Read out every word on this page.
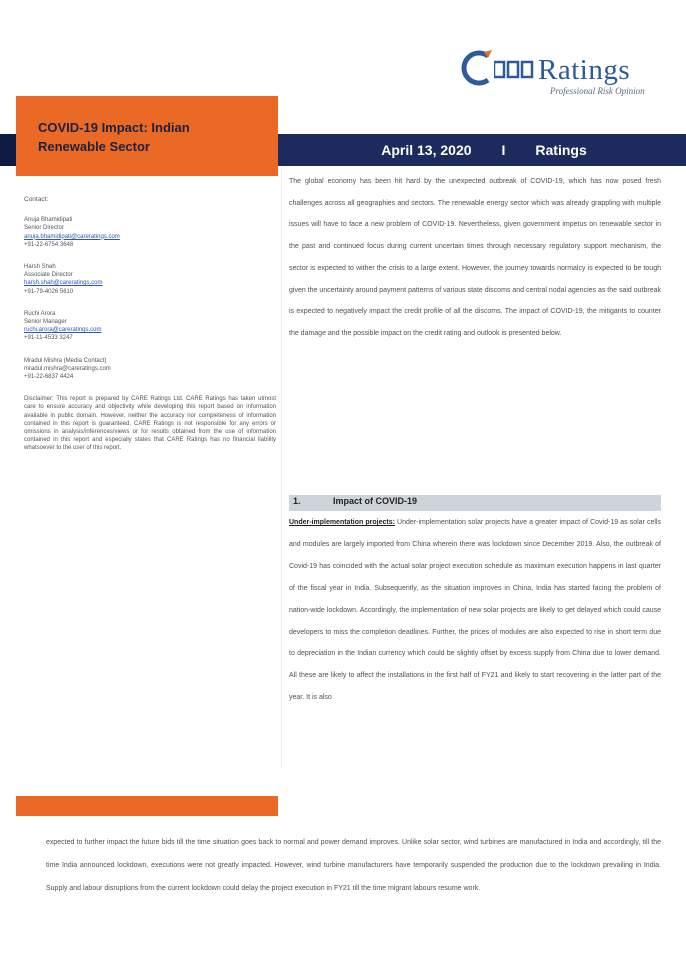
Ratings
Professional Risk Opinion
COVID-19 Impact: Indian Renewable Sector	April 13, 2020 I Ratings
Contact:
Anuja Bhamidipati
Senior Director
anuja.bhamidipati@careratings.com
+91-22-6754 3648
Harsh Shah
Associate Director
harsh.shah@careratings.com
+91-79-4026 5610
Ruchi Arora
Senior Manager
ruchi.arora@careratings.com
+91-11-4533 3247
Mradul Mishra (Media Contact)
mradul.mishra@careratings.com
+91-22-6837 4424
Disclaimer: This report is prepared by CARE Ratings Ltd. CARE Ratings has taken utmost care to ensure accuracy and objectivity while developing this report based on information available in public domain. However, neither the accuracy nor completeness of information contained in this report is guaranteed. CARE Ratings is not responsible for any errors or omissions in analysis/inferences/views or for results obtained from the use of information contained in this report and especially states that CARE Ratings has no financial liability whatsoever to the user of this report.

The global economy has been hit hard by the unexpected outbreak of COVID-19, which has now posed fresh challenges across all geographies and sectors. The renewable energy sector which was already grappling with multiple issues will have to face a new problem of COVID-19. Nevertheless, given government impetus on renewable sector in the past and continued focus during current uncertain times through necessary regulatory support mechanism, the sector is expected to wither the crisis to a large extent. However, the journey towards normalcy is expected to be tough given the uncertainty around payment patterns of various state discoms and central nodal agencies as the said outbreak is expected to negatively impact the credit profile of all the discoms. The impact of COVID-19, the mitigants to counter the damage and the possible impact on the credit rating and outlook is presented below.

1.	Impact of COVID-19

Under-implementation projects: Under-implementation solar projects have a greater impact of Covid-19 as solar cells and modules are largely imported from China wherein there was lockdown since December 2019. Also, the outbreak of Covid-19 has coincided with the actual solar project execution schedule as maximum execution happens in last quarter of the fiscal year in India. Subsequently, as the situation improves in China, India has started facing the problem of nation-wide lockdown. Accordingly, the implementation of new solar projects are likely to get delayed which could cause developers to miss the completion deadlines. Further, the prices of modules are also expected to rise in short term due to depreciation in the Indian currency which could be slightly offset by excess supply from China due to lower demand. All these are likely to affect the installations in the first half of FY21 and likely to start recovering in the latter part of the year. It is also

expected to further impact the future bids till the time situation goes back to normal and power demand improves. Unlike solar sector, wind turbines are manufactured in India and accordingly, till the time India announced lockdown, executions were not greatly impacted. However, wind turbine manufacturers have temporarily suspended the production due to the lockdown prevailing in India. Supply and labour disruptions from the current lockdown could delay the project execution in FY21 till the time migrant labours resume work.
